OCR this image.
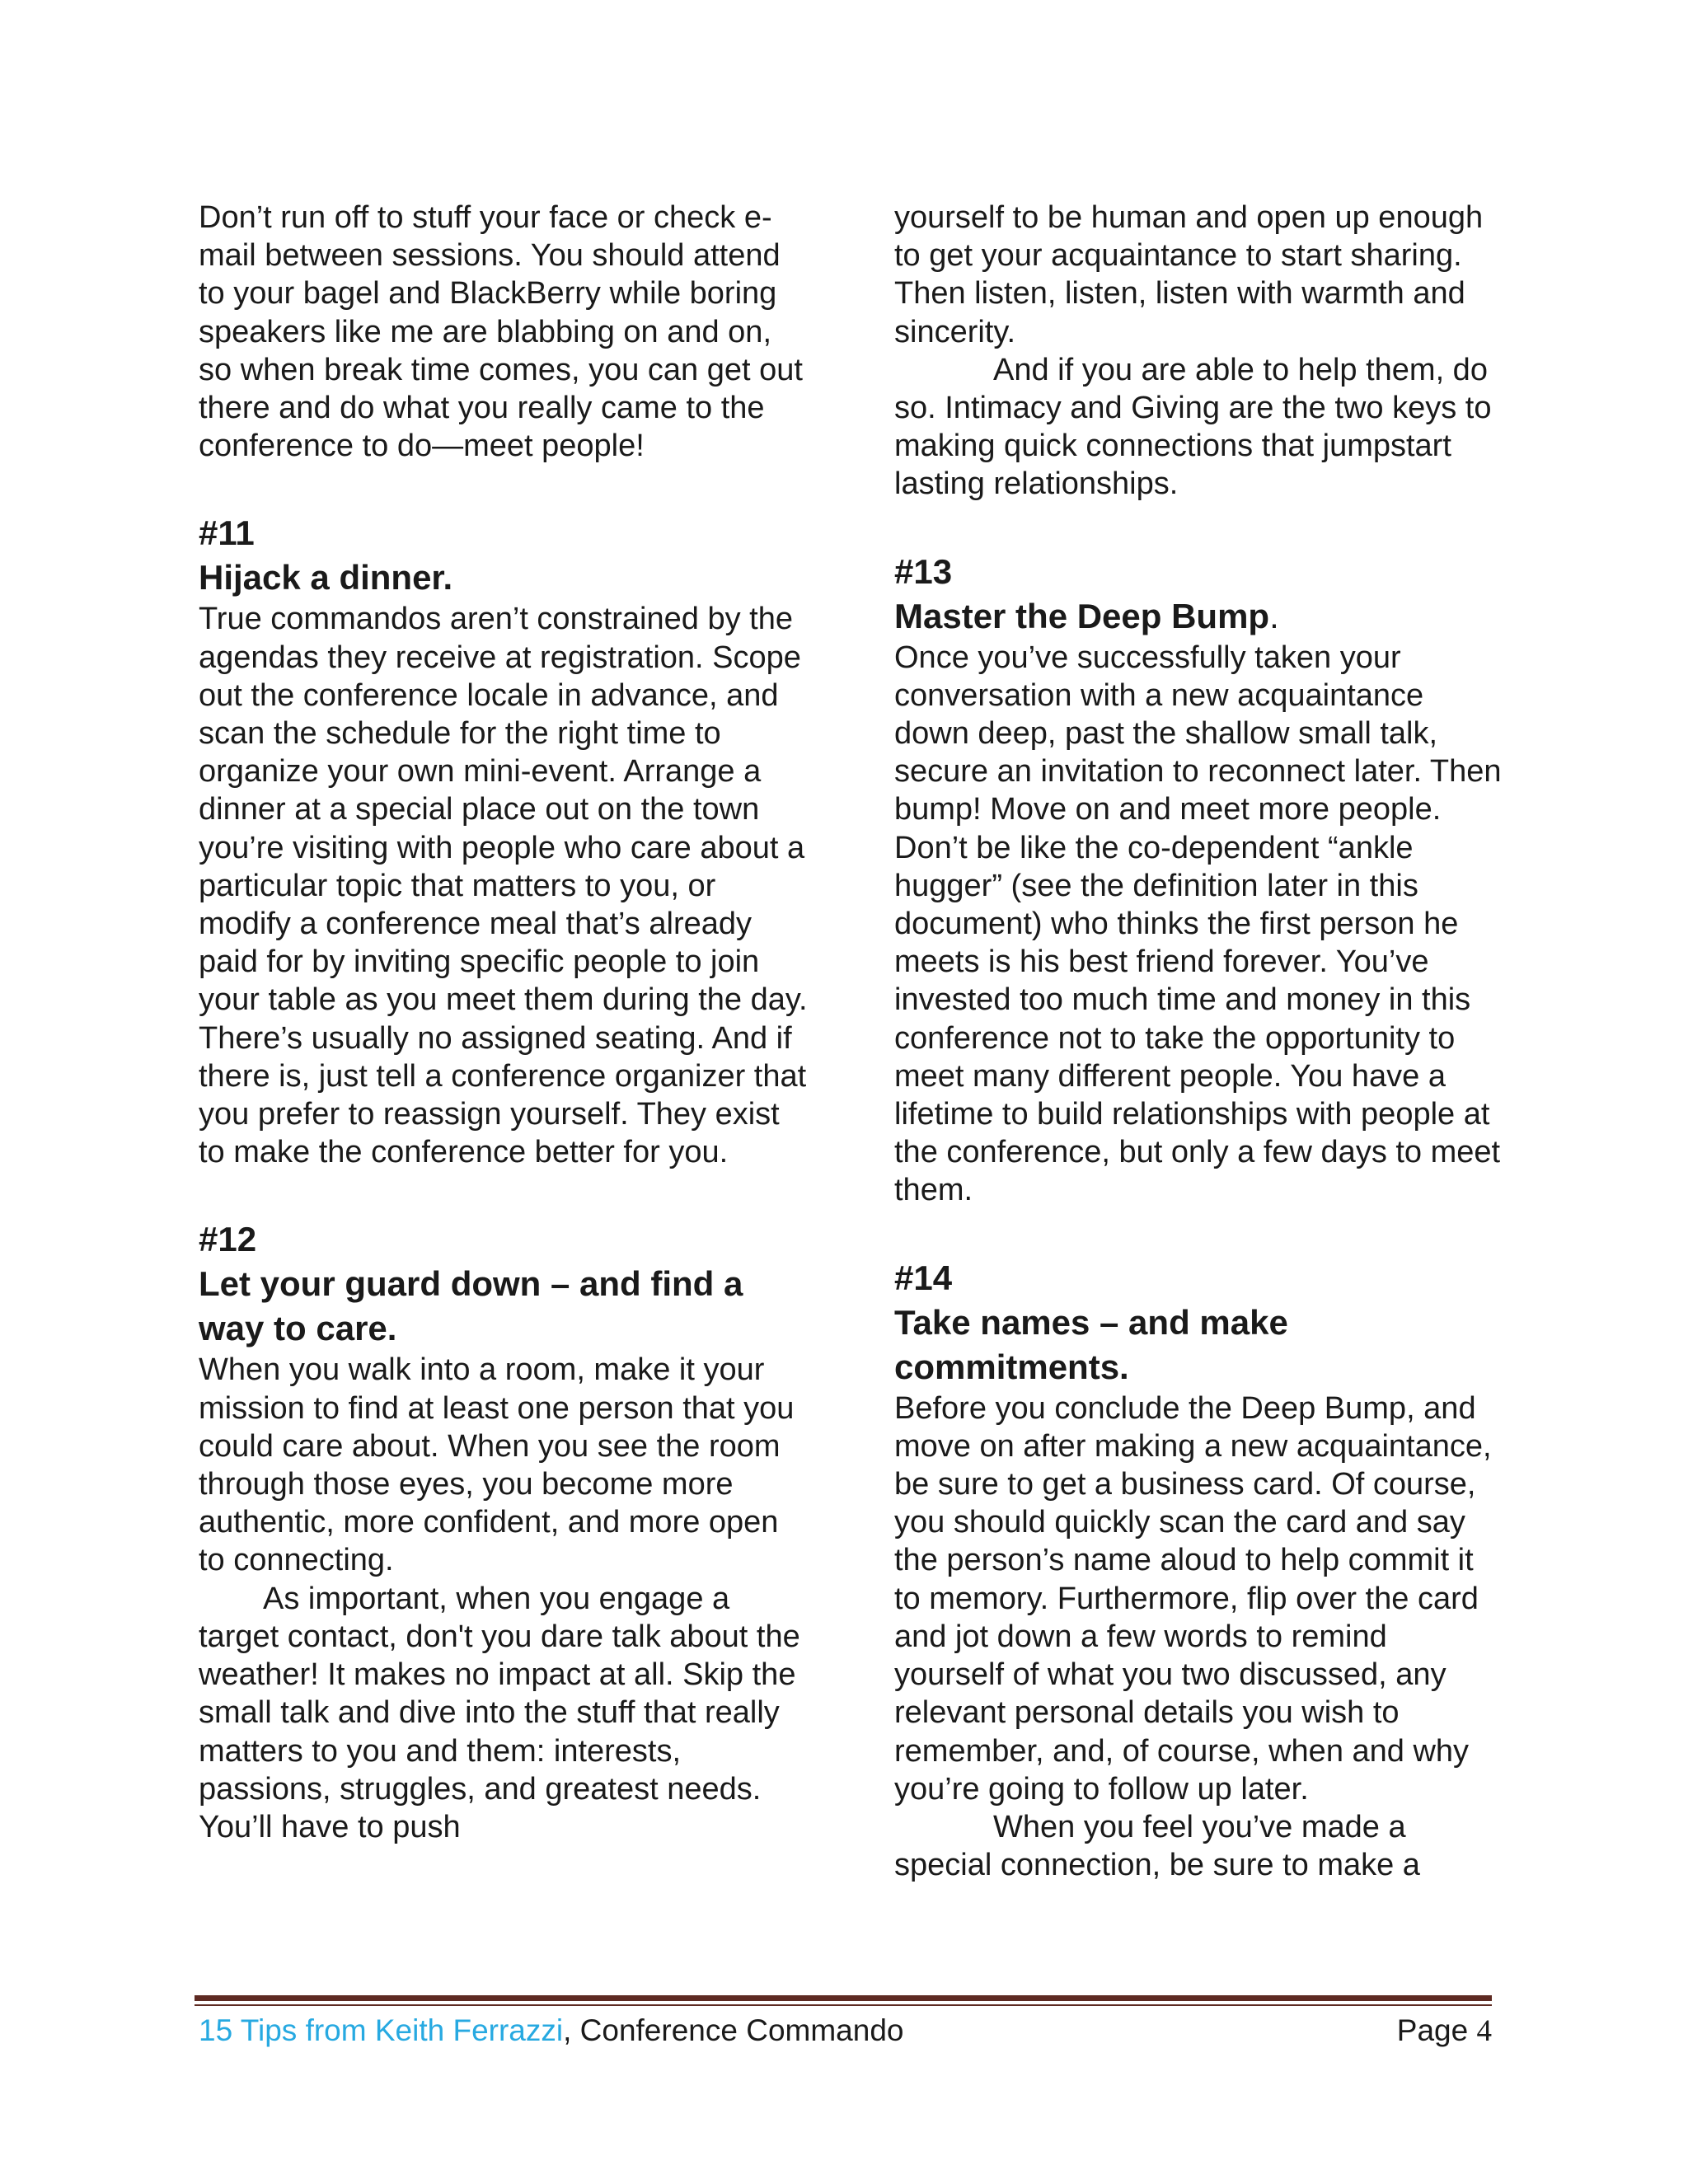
Don’t run off to stuff your face or check e-mail between sessions. You should attend to your bagel and BlackBerry while boring speakers like me are blabbing on and on, so when break time comes, you can get out there and do what you really came to the conference to do—meet people!

#11

Hijack a dinner.

True commandos aren’t constrained by the agendas they receive at registration. Scope out the conference locale in advance, and scan the schedule for the right time to organize your own mini-event. Arrange a dinner at a special place out on the town you’re visiting with people who care about a particular topic that matters to you, or modify a conference meal that’s already paid for by inviting specific people to join your table as you meet them during the day. There’s usually no assigned seating. And if there is, just tell a conference organizer that you prefer to reassign yourself. They exist to make the conference better for you.

#12

Let your guard down – and find a way to care.

When you walk into a room, make it your mission to find at least one person that you could care about. When you see the room through those eyes, you become more authentic, more confident, and more open to connecting.

As important, when you engage a target contact, don't you dare talk about the weather! It makes no impact at all. Skip the small talk and dive into the stuff that really matters to you and them: interests, passions, struggles, and greatest needs. You’ll have to push

yourself to be human and open up enough to get your acquaintance to start sharing. Then listen, listen, listen with warmth and sincerity.

And if you are able to help them, do so. Intimacy and Giving are the two keys to making quick connections that jumpstart lasting relationships.

#13

Master the Deep Bump.

Once you’ve successfully taken your conversation with a new acquaintance down deep, past the shallow small talk, secure an invitation to reconnect later. Then bump! Move on and meet more people. Don’t be like the co-dependent “ankle hugger” (see the definition later in this document) who thinks the first person he meets is his best friend forever. You’ve invested too much time and money in this conference not to take the opportunity to meet many different people. You have a lifetime to build relationships with people at the conference, but only a few days to meet them.

#14

Take names – and make commitments.

Before you conclude the Deep Bump, and move on after making a new acquaintance, be sure to get a business card. Of course, you should quickly scan the card and say the person’s name aloud to help commit it to memory. Furthermore, flip over the card and jot down a few words to remind yourself of what you two discussed, any relevant personal details you wish to remember, and, of course, when and why you’re going to follow up later.

When you feel you’ve made a special connection, be sure to make a

15 Tips from Keith Ferrazzi, Conference Commando	Page 4
